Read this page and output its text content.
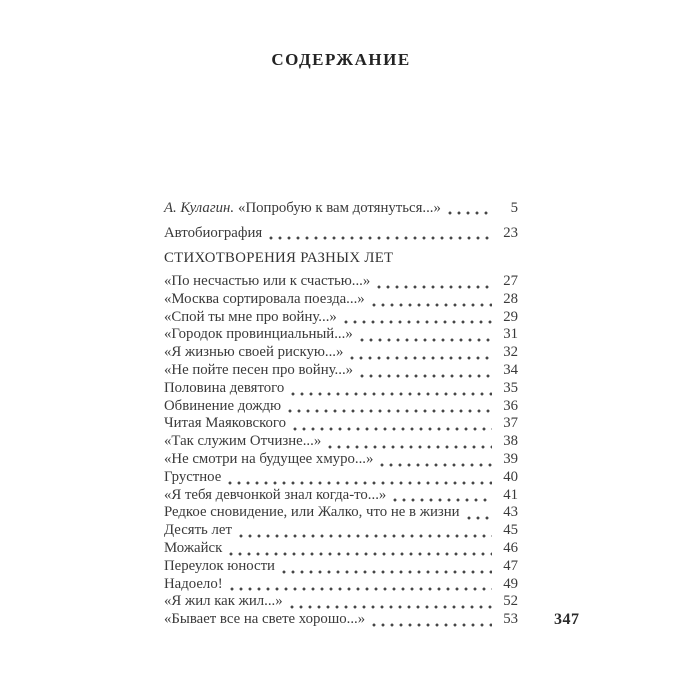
СОДЕРЖАНИЕ
А. Кулагин. «Попробую к вам дотянуться...»	5
Автобиография	23
СТИХОТВОРЕНИЯ РАЗНЫХ ЛЕТ
«По несчастью или к счастью...»	27
«Москва сортировала поезда...»	28
«Спой ты мне про войну...»	29
«Городок провинциальный...»	31
«Я жизнью своей рискую...»	32
«Не пойте песен про войну...»	34
Половина девятого	35
Обвинение дождю	36
Читая Маяковского	37
«Так служим Отчизне...»	38
«Не смотри на будущее хмуро...»	39
Грустное	40
«Я тебя девчонкой знал когда-то...»	41
Редкое сновидение, или Жалко, что не в жизни	43
Десять лет	45
Можайск	46
Переулок юности	47
Надоело!	49
«Я жил как жил...»	52
«Бывает все на свете хорошо...»	53 347
